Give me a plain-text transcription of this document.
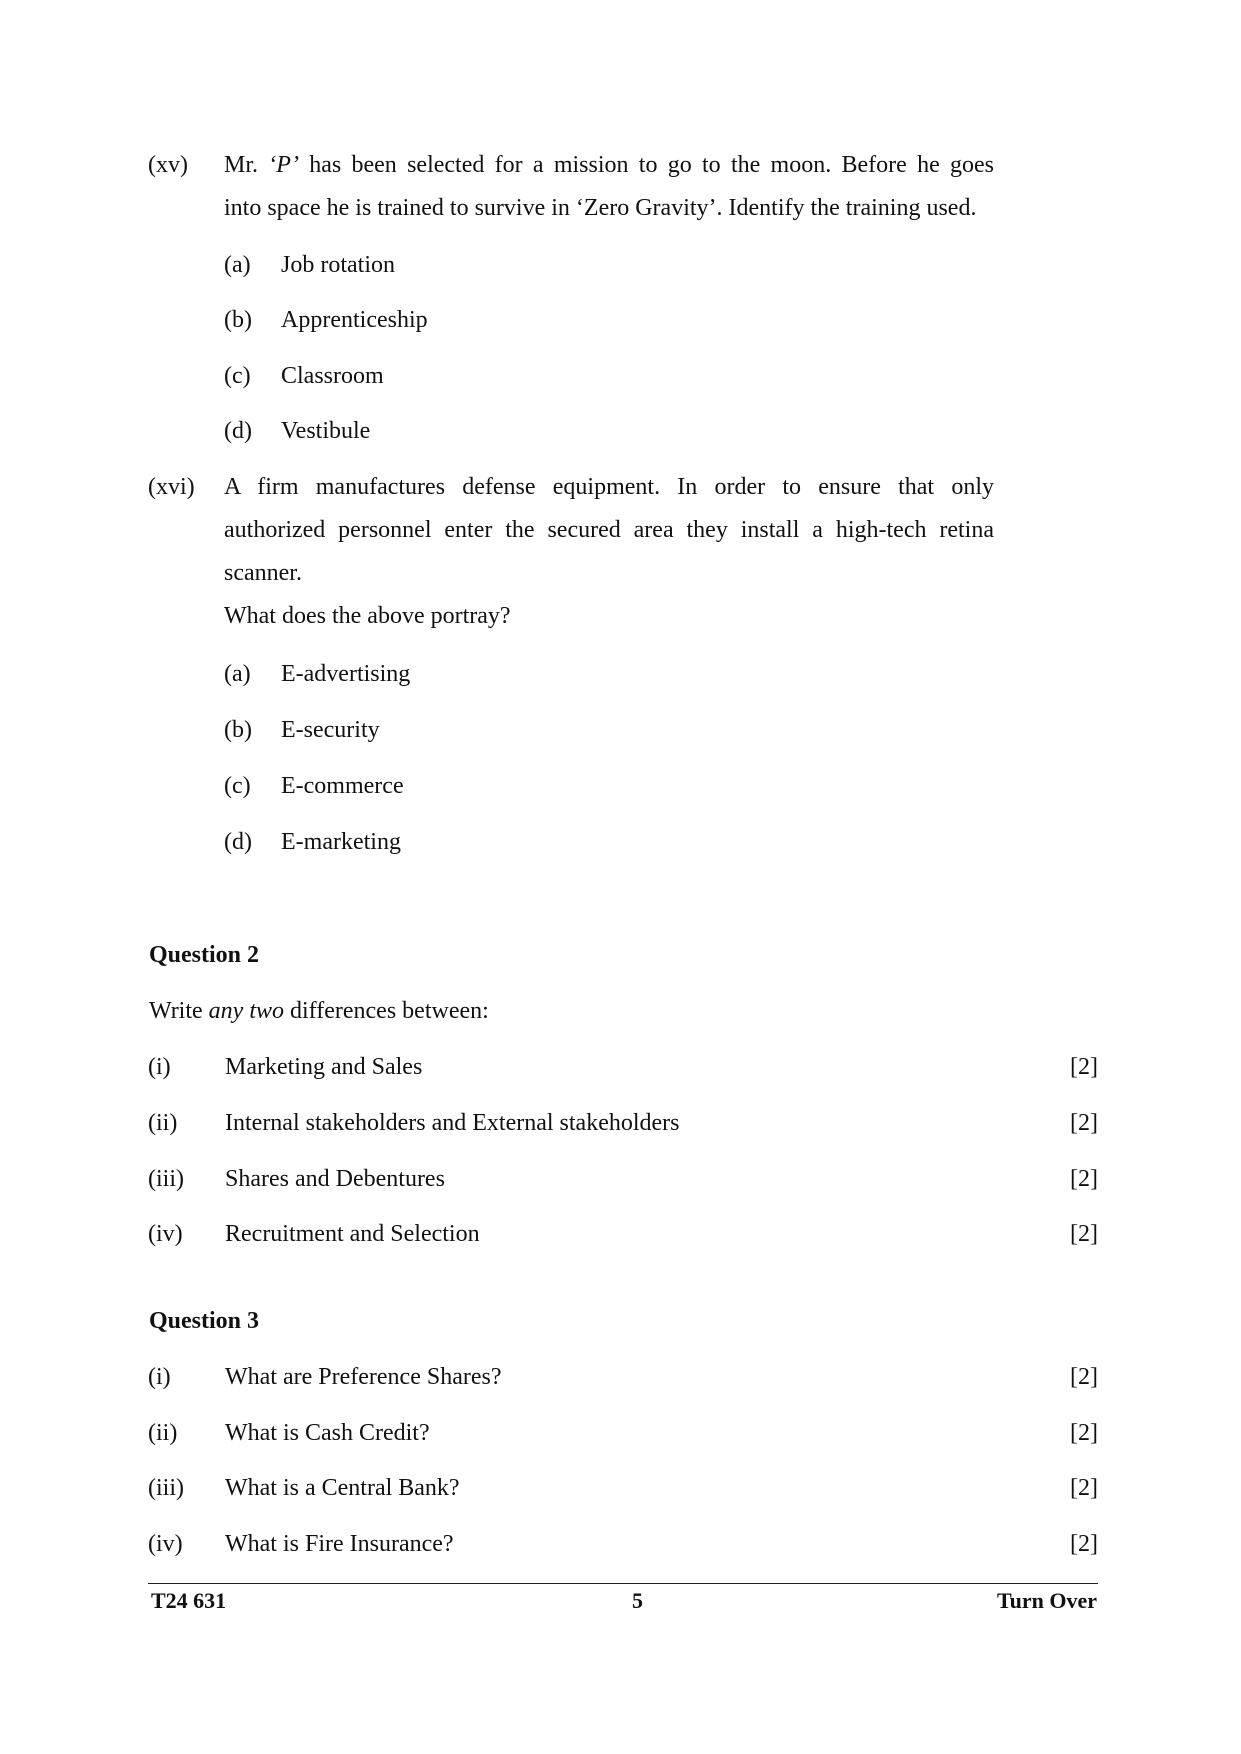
(xv) Mr. ‘P’ has been selected for a mission to go to the moon. Before he goes
into space he is trained to survive in ‘Zero Gravity’. Identify the training used.
(a) Job rotation
(b) Apprenticeship
(c) Classroom
(d) Vestibule
(xvi) A firm manufactures defense equipment. In order to ensure that only
authorized personnel enter the secured area they install a high-tech retina
scanner.
What does the above portray?
(a) E-advertising
(b) E-security
(c) E-commerce
(d) E-marketing
Question 2
Write any two differences between:
(i) Marketing and Sales	[2]
(ii) Internal stakeholders and External stakeholders	[2]
(iii) Shares and Debentures	[2]
(iv) Recruitment and Selection	[2]
Question 3
(i) What are Preference Shares?	[2]
(ii) What is Cash Credit?	[2]
(iii) What is a Central Bank?	[2]
(iv) What is Fire Insurance?	[2]
T24 631	5	Turn Over
